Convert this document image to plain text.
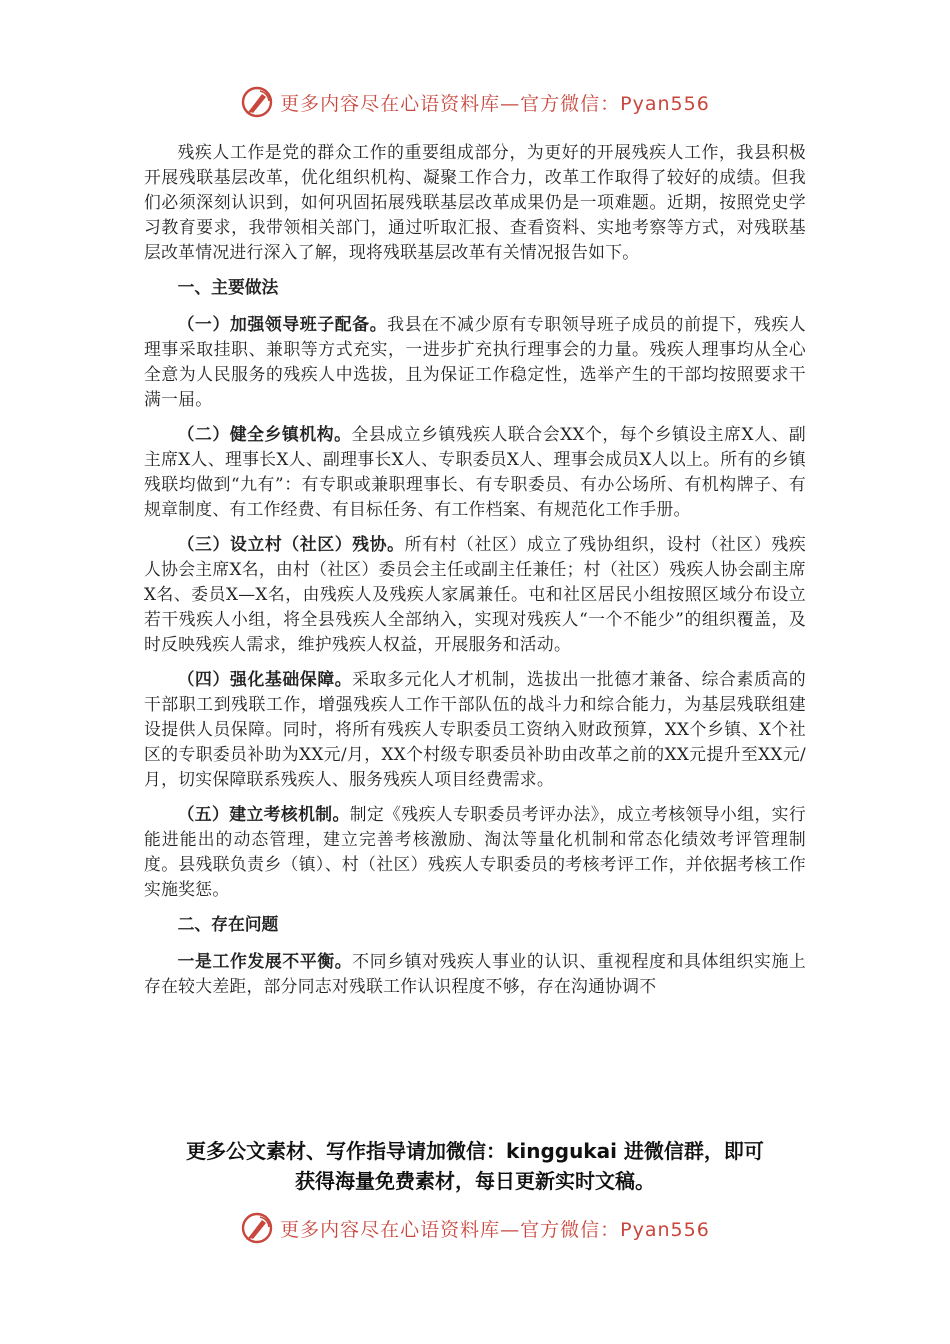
更多内容尽在心语资料库—官方微信：Pyan556

残疾人工作是党的群众工作的重要组成部分，为更好的开展残疾人工作，我县积极开展残联基层改革，优化组织机构、凝聚工作合力，改革工作取得了较好的成绩。但我们必须深刻认识到，如何巩固拓展残联基层改革成果仍是一项难题。近期，按照党史学习教育要求，我带领相关部门，通过听取汇报、查看资料、实地考察等方式，对残联基层改革情况进行深入了解，现将残联基层改革有关情况报告如下。

一、主要做法

（一）加强领导班子配备。我县在不减少原有专职领导班子成员的前提下，残疾人理事采取挂职、兼职等方式充实，一进步扩充执行理事会的力量。残疾人理事均从全心全意为人民服务的残疾人中选拔，且为保证工作稳定性，选举产生的干部均按照要求干满一届。

（二）健全乡镇机构。全县成立乡镇残疾人联合会XX个，每个乡镇设主席X人、副主席X人、理事长X人、副理事长X人、专职委员X人、理事会成员X人以上。所有的乡镇残联均做到“九有”：有专职或兼职理事长、有专职委员、有办公场所、有机构牌子、有规章制度、有工作经费、有目标任务、有工作档案、有规范化工作手册。

（三）设立村（社区）残协。所有村（社区）成立了残协组织，设村（社区）残疾人协会主席X名，由村（社区）委员会主任或副主任兼任；村（社区）残疾人协会副主席X名、委员X—X名，由残疾人及残疾人家属兼任。屯和社区居民小组按照区域分布设立若干残疾人小组，将全县残疾人全部纳入，实现对残疾人“一个不能少”的组织覆盖，及时反映残疾人需求，维护残疾人权益，开展服务和活动。

（四）强化基础保障。采取多元化人才机制，选拔出一批德才兼备、综合素质高的干部职工到残联工作，增强残疾人工作干部队伍的战斗力和综合能力，为基层残联组建设提供人员保障。同时，将所有残疾人专职委员工资纳入财政预算，XX个乡镇、X个社区的专职委员补助为XX元/月，XX个村级专职委员补助由改革之前的XX元提升至XX元/月，切实保障联系残疾人、服务残疾人项目经费需求。

（五）建立考核机制。制定《残疾人专职委员考评办法》，成立考核领导小组，实行能进能出的动态管理，建立完善考核激励、淘汰等量化机制和常态化绩效考评管理制度。县残联负责乡（镇）、村（社区）残疾人专职委员的考核考评工作，并依据考核工作实施奖惩。

二、存在问题

一是工作发展不平衡。不同乡镇对残疾人事业的认识、重视程度和具体组织实施上存在较大差距，部分同志对残联工作认识程度不够，存在沟通协调不

更多公文素材、写作指导请加微信：kinggukai 进微信群，即可
获得海量免费素材，每日更新实时文稿。
更多内容尽在心语资料库—官方微信：Pyan556
